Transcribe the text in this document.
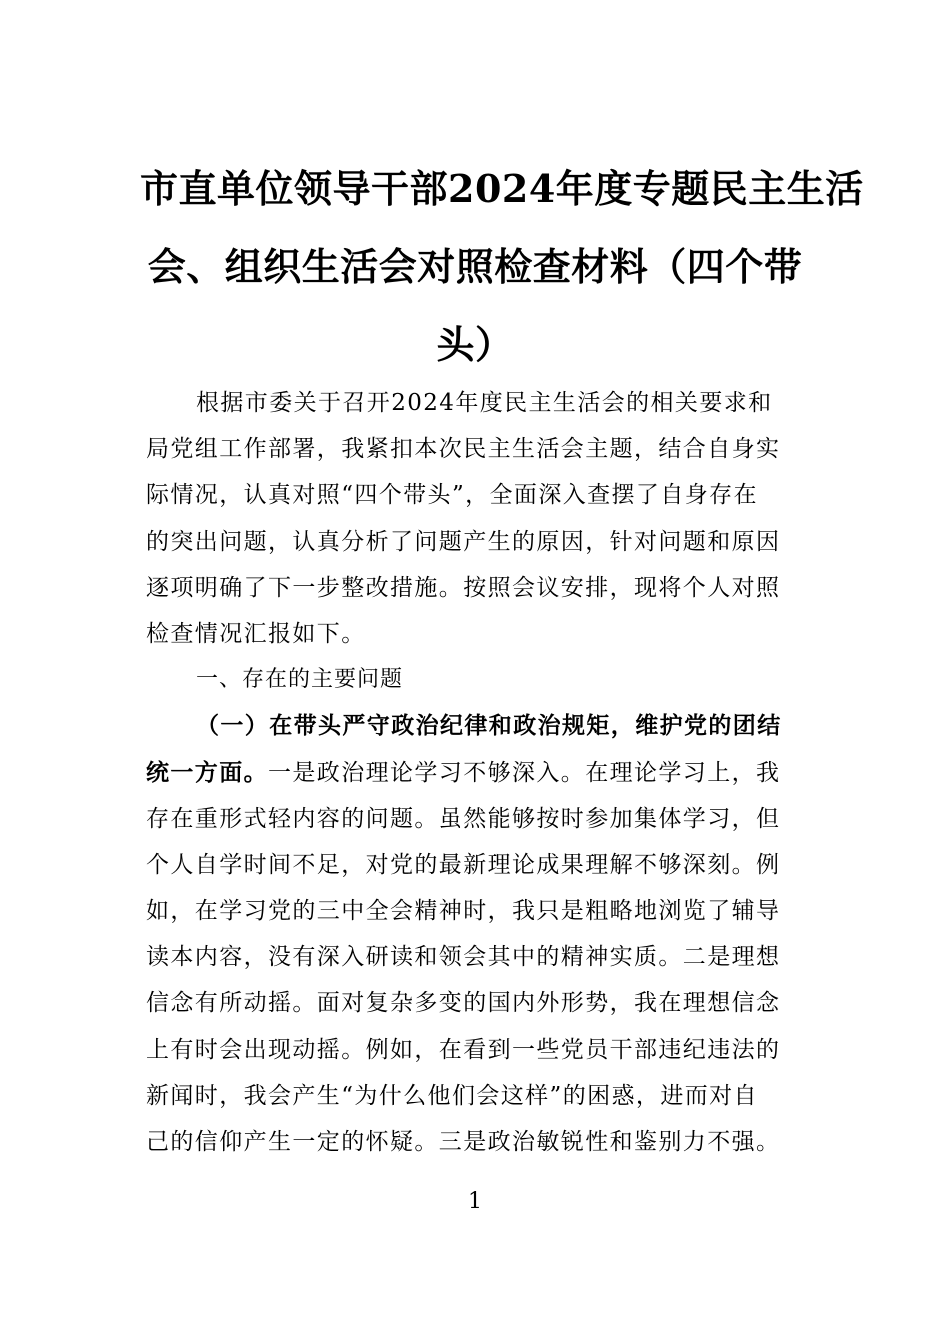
市直单位领导干部2024年度专题民主生活
会、组织生活会对照检查材料（四个带
头）
根据市委关于召开2024年度民主生活会的相关要求和
局党组工作部署，我紧扣本次民主生活会主题，结合自身实
际情况，认真对照“四个带头”，全面深入查摆了自身存在
的突出问题，认真分析了问题产生的原因，针对问题和原因
逐项明确了下一步整改措施。按照会议安排，现将个人对照
检查情况汇报如下。
一、存在的主要问题
（一）在带头严守政治纪律和政治规矩，维护党的团结
统一方面。一是政治理论学习不够深入。在理论学习上，我
存在重形式轻内容的问题。虽然能够按时参加集体学习，但
个人自学时间不足，对党的最新理论成果理解不够深刻。例
如，在学习党的三中全会精神时，我只是粗略地浏览了辅导
读本内容，没有深入研读和领会其中的精神实质。二是理想
信念有所动摇。面对复杂多变的国内外形势，我在理想信念
上有时会出现动摇。例如，在看到一些党员干部违纪违法的
新闻时，我会产生“为什么他们会这样”的困惑，进而对自
己的信仰产生一定的怀疑。三是政治敏锐性和鉴别力不强。
1
